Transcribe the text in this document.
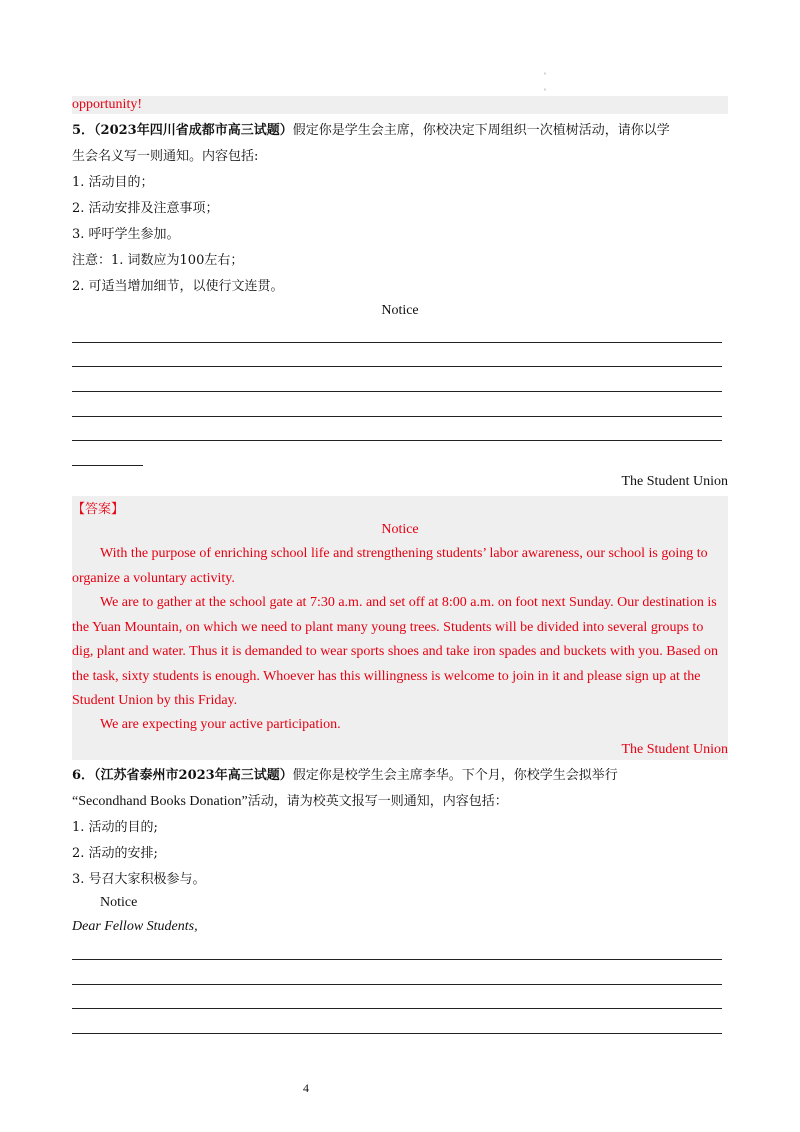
'
'
opportunity!
5．（2023年四川省成都市高三试题）假定你是学生会主席，你校决定下周组织一次植树活动，请你以学
生会名义写一则通知。内容包括:
1. 活动目的；
2. 活动安排及注意事项；
3. 呼吁学生参加。
注意：1. 词数应为100左右；
2. 可适当增加细节，以使行文连贯。
Notice
The Student Union
【答案】
Notice
With the purpose of enriching school life and strengthening students’ labor awareness, our school is going to organize a voluntary activity.
We are to gather at the school gate at 7:30 a.m. and set off at 8:00 a.m. on foot next Sunday. Our destination is the Yuan Mountain, on which we need to plant many young trees. Students will be divided into several groups to dig, plant and water. Thus it is demanded to wear sports shoes and take iron spades and buckets with you. Based on the task, sixty students is enough. Whoever has this willingness is welcome to join in it and please sign up at the Student Union by this Friday.
We are expecting your active participation.
The Student Union
6．（江苏省泰州市2023年高三试题）假定你是校学生会主席李华。下个月，你校学生会拟举行
“Secondhand Books Donation”活动，请为校英文报写一则通知，内容包括：
1. 活动的目的;
2. 活动的安排;
3. 号召大家积极参与。
Notice
Dear Fellow Students,
4
